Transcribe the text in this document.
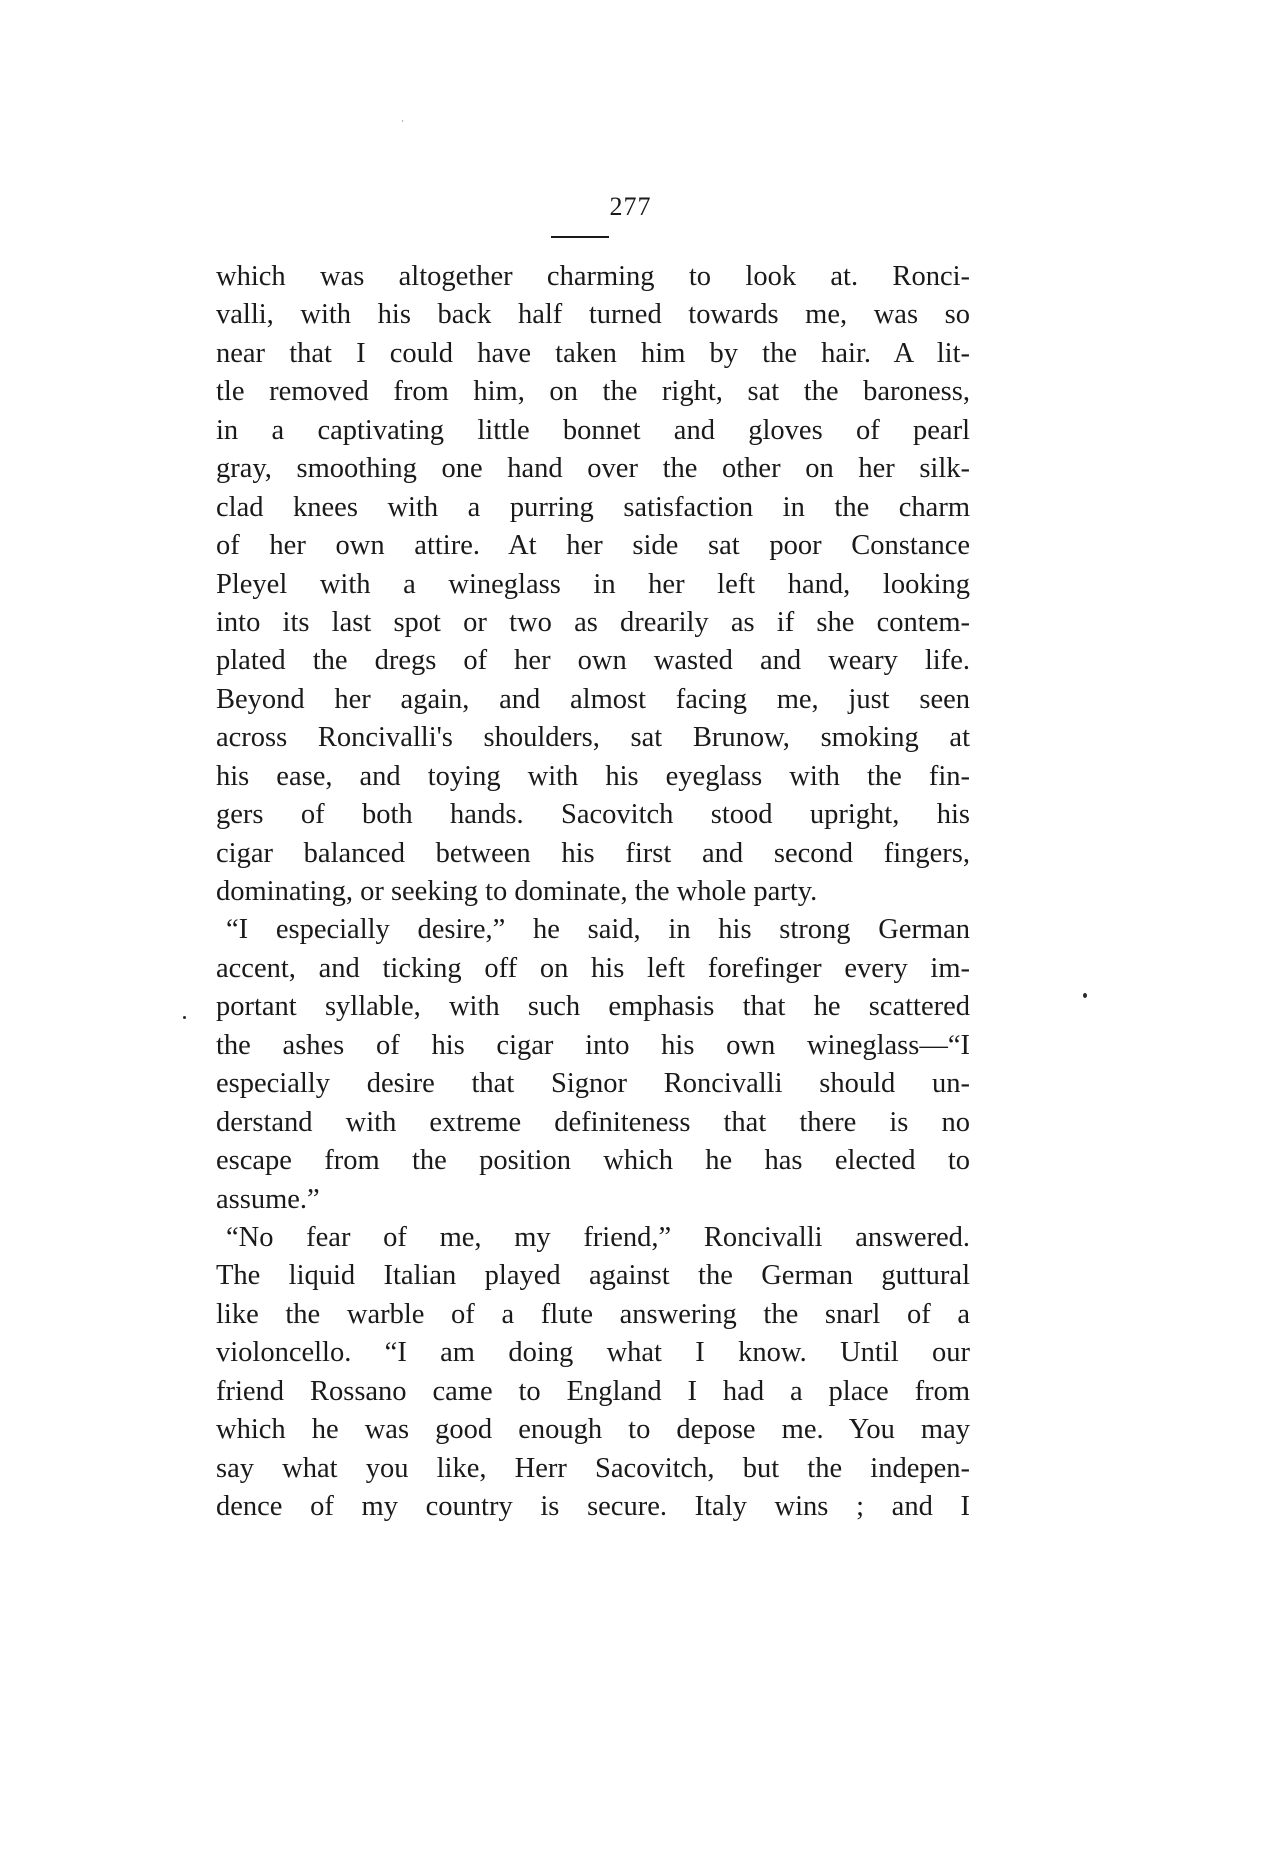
277
which was altogether charming to look at. Ronci-
valli, with his back half turned towards me, was so
near that I could have taken him by the hair. A lit-
tle removed from him, on the right, sat the baroness,
in a captivating little bonnet and gloves of pearl
gray, smoothing one hand over the other on her silk-
clad knees with a purring satisfaction in the charm
of her own attire. At her side sat poor Constance
Pleyel with a wineglass in her left hand, looking
into its last spot or two as drearily as if she contem-
plated the dregs of her own wasted and weary life.
Beyond her again, and almost facing me, just seen
across Roncivalli's shoulders, sat Brunow, smoking at
his ease, and toying with his eyeglass with the fin-
gers of both hands. Sacovitch stood upright, his
cigar balanced between his first and second fingers,
dominating, or seeking to dominate, the whole party.
“I especially desire,” he said, in his strong German
accent, and ticking off on his left forefinger every im-
portant syllable, with such emphasis that he scattered
the ashes of his cigar into his own wineglass—“I
especially desire that Signor Roncivalli should un-
derstand with extreme definiteness that there is no
escape from the position which he has elected to
assume.”
“No fear of me, my friend,” Roncivalli answered.
The liquid Italian played against the German guttural
like the warble of a flute answering the snarl of a
violoncello. “I am doing what I know. Until our
friend Rossano came to England I had a place from
which he was good enough to depose me. You may
say what you like, Herr Sacovitch, but the indepen-
dence of my country is secure. Italy wins ; and I
